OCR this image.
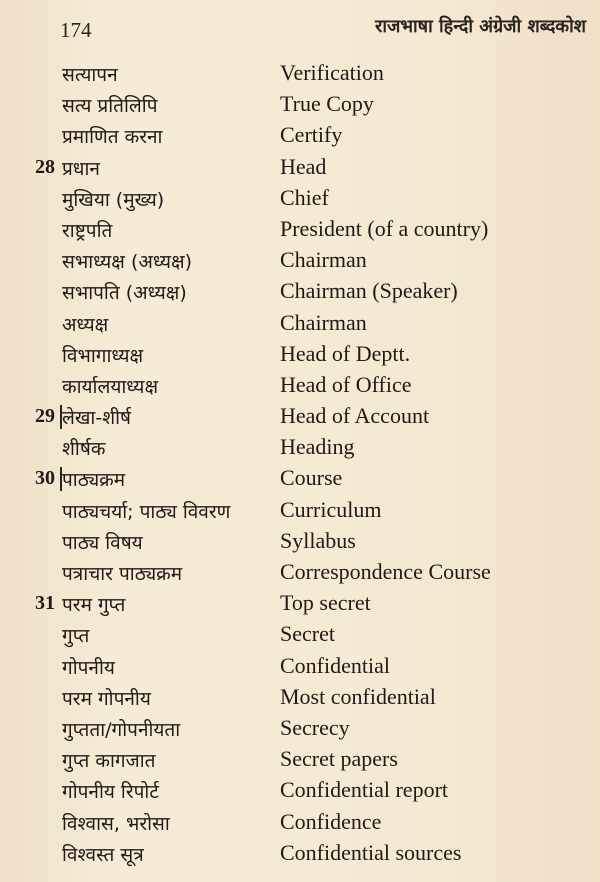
174	राजभाषा हिन्दी अंग्रेजी शब्दकोश
सत्यापन	Verification
सत्य प्रतिलिपि	True Copy
प्रमाणित करना	Certify
28 प्रधान	Head
मुखिया (मुख्य)	Chief
राष्ट्रपति	President (of a country)
सभाध्यक्ष (अध्यक्ष)	Chairman
सभापति (अध्यक्ष)	Chairman (Speaker)
अध्यक्ष	Chairman
विभागाध्यक्ष	Head of Deptt.
कार्यालयाध्यक्ष	Head of Office
29 लेखा-शीर्ष	Head of Account
शीर्षक	Heading
30 पाठ्यक्रम	Course
पाठ्यचर्या; पाठ्य विवरण Curriculum
पाठ्य विषय	Syllabus
पत्राचार पाठ्यक्रम	Correspondence Course
31 परम गुप्त	Top secret
गुप्त	Secret
गोपनीय	Confidential
परम गोपनीय	Most confidential
गुप्तता/गोपनीयता	Secrecy
गुप्त कागजात	Secret papers
गोपनीय रिपोर्ट	Confidential report
विश्वास, भरोसा	Confidence
विश्वस्त सूत्र	Confidential sources
